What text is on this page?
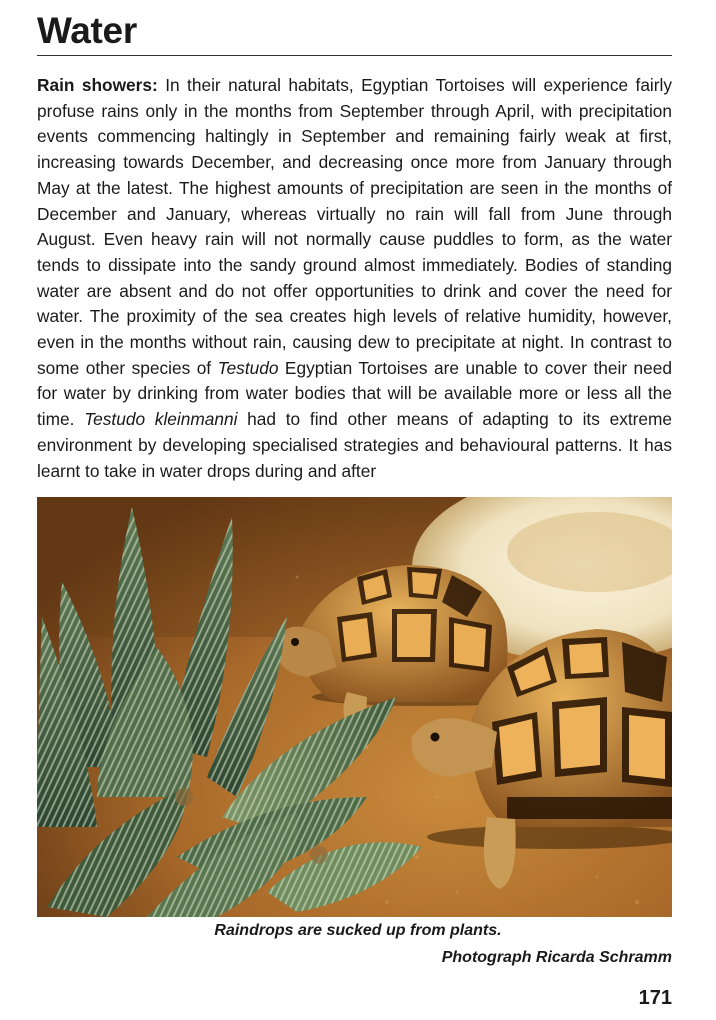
Water

Rain showers: In their natural habitats, Egyptian Tortoises will experience fairly profuse rains only in the months from September through April, with precipitation events commencing haltingly in September and remaining fairly weak at first, increasing towards December, and decreasing once more from January through May at the latest. The highest amounts of precipitation are seen in the months of December and January, whereas virtually no rain will fall from June through August. Even heavy rain will not normally cause puddles to form, as the water tends to dissipate into the sandy ground almost immediately. Bodies of standing water are absent and do not offer opportunities to drink and cover the need for water. The proximity of the sea creates high levels of relative humidity, however, even in the months without rain, causing dew to precipitate at night. In contrast to some other species of Testudo Egyptian Tortoises are unable to cover their need for water by drinking from water bodies that will be available more or less all the time. Testudo kleinmanni had to find other means of adapting to its extreme environment by developing specialised strategies and behavioural patterns. It has learnt to take in water drops during and after

Raindrops are sucked up from plants.
Photograph Ricarda Schramm
171
